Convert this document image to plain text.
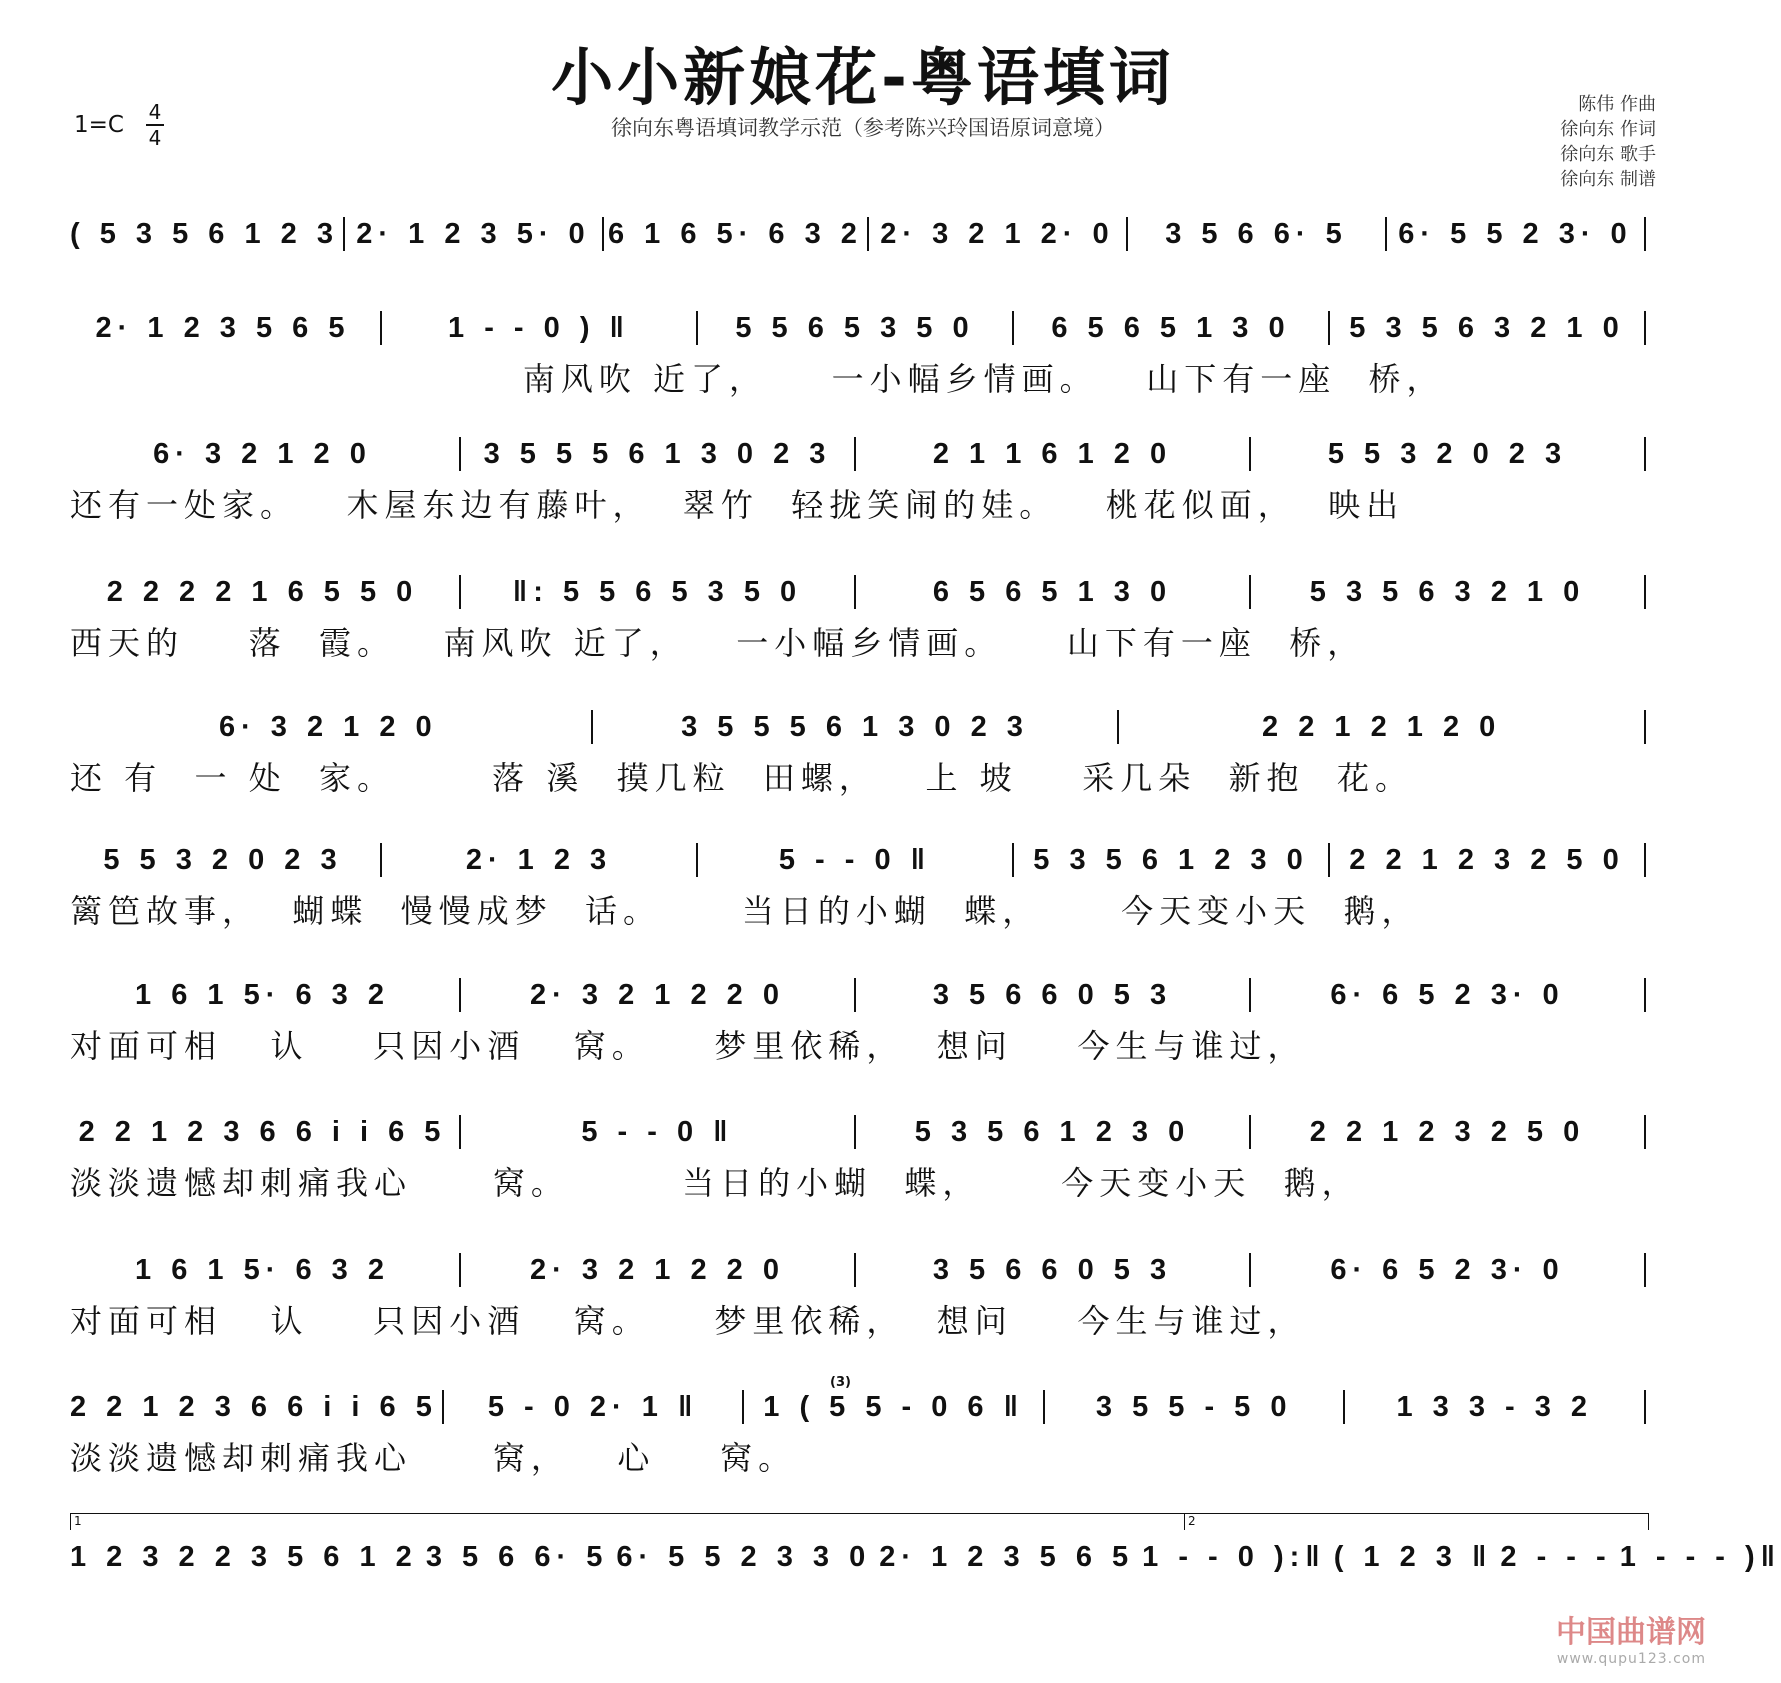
小小新娘花-粤语填词
1=C 4
4	徐向东粤语填词教学示范（参考陈兴玲国语原词意境）
陈伟 作曲
徐向东 作词
徐向东 歌手
徐向东 制谱
( 5 3 5 6 1 2 3 2· 1 2 3 5· 0 6 1 6 5· 6 3 2 2· 3 2 1 2· 0	3 5 6 6· 5	6· 5 5 2 3· 0
2· 1 2 3 5 6 5	1 - - 0 ) ‖	5 5 6 5 3 5 0	6 5 6 5 1 3 0	5 3 5 6 3 2 1 0
南风吹 近了，    一小幅乡情画。   山下有一座  桥，
6· 3 2 1 2 0	3 5 5 5 6 1 3 0 2 3	2 1 1 6 1 2 0	5 5 3 2 0 2 3
还有一处家。   木屋东边有藤叶，  翠竹  轻拢笑闹的娃。   桃花似面，  映出
2 2 2 2 1 6 5 5 0	‖: 5 5 6 5 3 5 0	6 5 6 5 1 3 0	5 3 5 6 3 2 1 0
西天的    落  霞。   南风吹 近了，   一小幅乡情画。    山下有一座  桥，
6· 3 2 1 2 0	3 5 5 5 6 1 3 0 2 3	2 2 1 2 1 2 0
还 有  一 处  家。      落 溪  摸几粒  田螺，   上 坡    采几朵  新抱  花。
5 5 3 2 0 2 3	2· 1 2 3	5 - - 0 ‖	5 3 5 6 1 2 3 0	2 2 1 2 3 2 5 0
篱笆故事，  蝴蝶  慢慢成梦  话。     当日的小蝴  蝶，     今天变小天  鹅，
1 6 1 5· 6 3 2	2· 3 2 1 2 2 0	3 5 6 6 0 5 3	6· 6 5 2 3· 0
对面可相   认    只因小酒   窝。    梦里依稀，  想问    今生与谁过，
2 2 1 2 3 6 6 i i 6 5	5 - - 0 ‖	5 3 5 6 1 2 3 0	2 2 1 2 3 2 5 0
淡淡遗憾却刺痛我心     窝。       当日的小蝴  蝶，     今天变小天  鹅，
1 6 1 5· 6 3 2	2· 3 2 1 2 2 0	3 5 6 6 0 5 3	6· 6 5 2 3· 0
对面可相   认    只因小酒   窝。    梦里依稀，  想问    今生与谁过，
2 2 1 2 3 6 6 i i 6 5	5 - 0 2· 1 ‖	1 ( 5 5 - 0 6 ‖	3 5 5 - 5 0	1 3 3 - 3 2
淡淡遗憾却刺痛我心     窝，   心    窝。
1 2 3 2 2 3 5 6 1 2 3 5 6 6· 5 6· 5 5 2 3 3 0 2· 1 2 3 5 6 5 1 - - 0 ):‖ ( 1 2 3 ‖ 2 - - - 1 - - - )‖
1	2
(3)
中国曲谱网
www.qupu123.com
